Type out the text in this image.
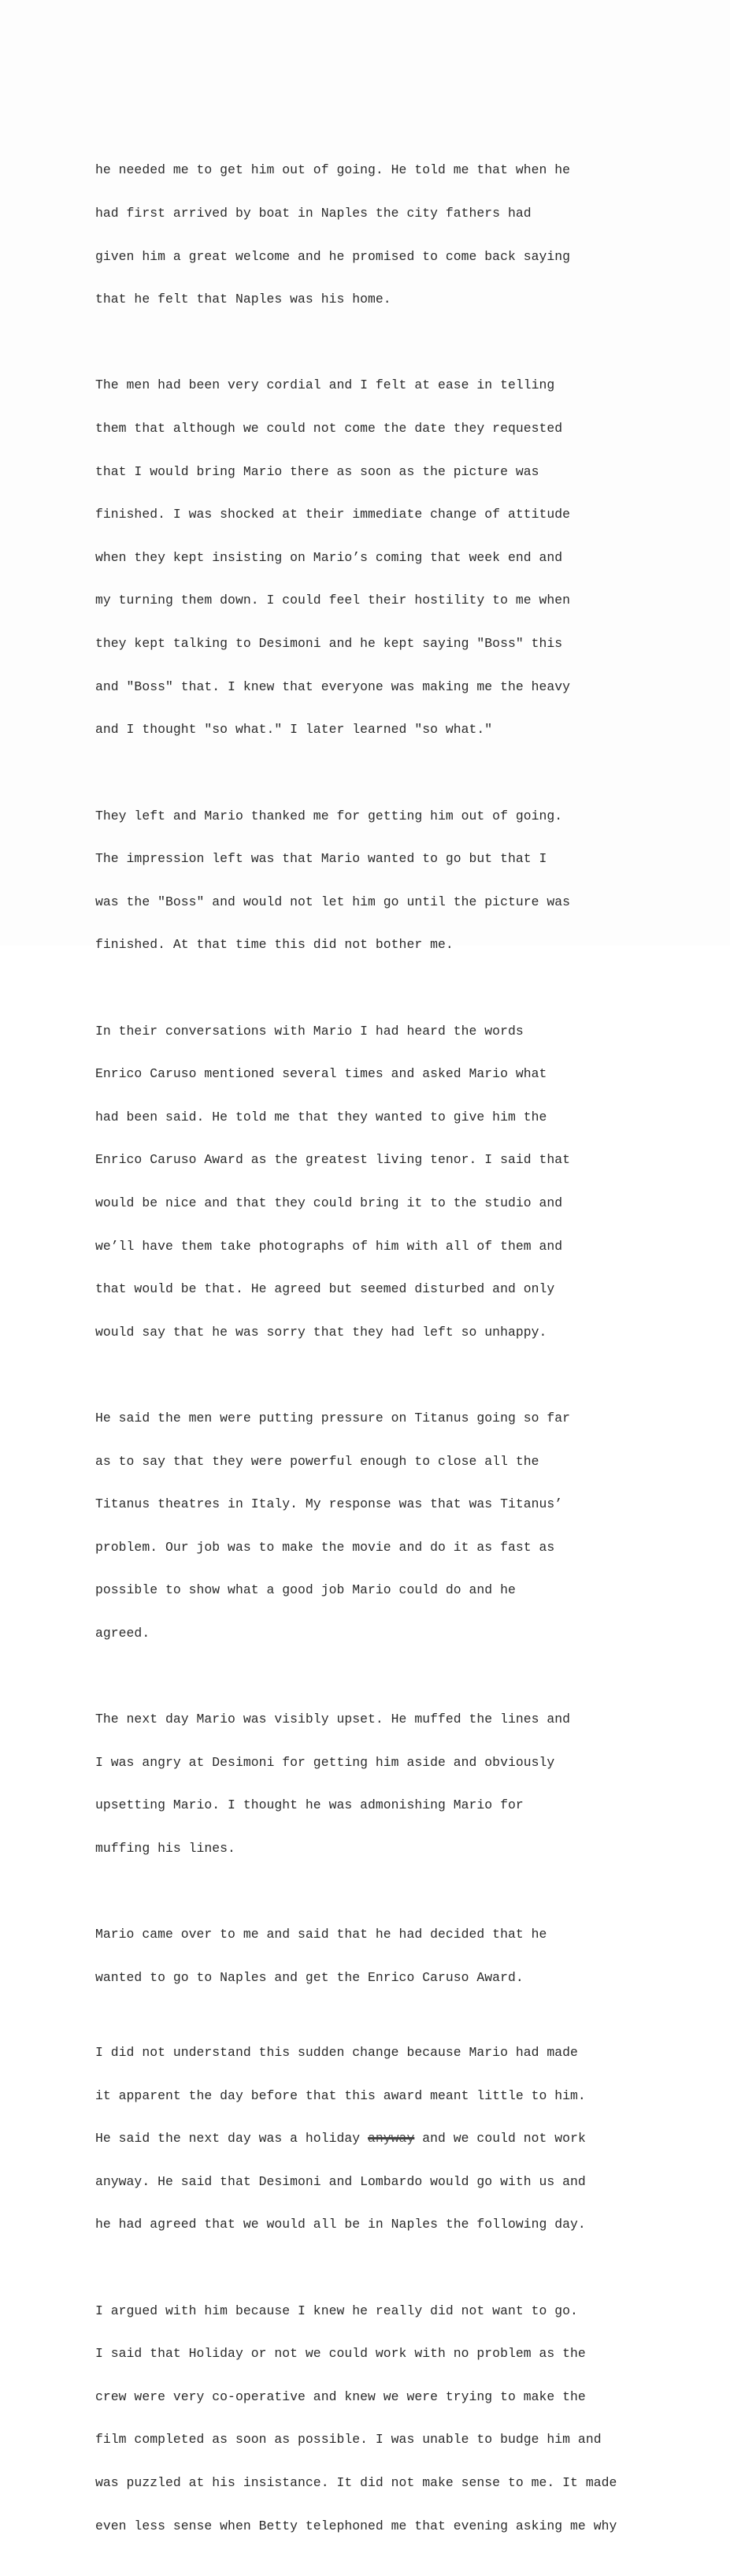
he needed me to get him out of going. He told me that when he

had first arrived by boat in Naples the city fathers had

given him a great welcome and he promised to come back saying

that he felt that Naples was his home.

The men had been very cordial and I felt at ease in telling

them that although we could not come the date they requested

that I would bring Mario there as soon as the picture was

finished. I was shocked at their immediate change of attitude

when they kept insisting on Mario’s coming that week end and

my turning them down. I could feel their hostility to me when

they kept talking to Desimoni and he kept saying "Boss" this

and "Boss" that. I knew that everyone was making me the heavy

and I thought "so what." I later learned "so what."

They left and Mario thanked me for getting him out of going.

The impression left was that Mario wanted to go but that I

was the "Boss" and would not let him go until the picture was

finished. At that time this did not bother me.

In their conversations with Mario I had heard the words

Enrico Caruso mentioned several times and asked Mario what

had been said. He told me that they wanted to give him the

Enrico Caruso Award as the greatest living tenor. I said that

would be nice and that they could bring it to the studio and

we’ll have them take photographs of him with all of them and

that would be that. He agreed but seemed disturbed and only

would say that he was sorry that they had left so unhappy.

He said the men were putting pressure on Titanus going so far

as to say that they were powerful enough to close all the

Titanus theatres in Italy. My response was that was Titanus’

problem. Our job was to make the movie and do it as fast as

possible to show what a good job Mario could do and he

agreed.

The next day Mario was visibly upset. He muffed the lines and

I was angry at Desimoni for getting him aside and obviously

upsetting Mario. I thought he was admonishing Mario for

muffing his lines.

Mario came over to me and said that he had decided that he

wanted to go to Naples and get the Enrico Caruso Award.

I did not understand this sudden change because Mario had made

it apparent the day before that this award meant little to him.

He said the next day was a holiday anyway and we could not work

anyway. He said that Desimoni and Lombardo would go with us and

he had agreed that we would all be in Naples the following day.

I argued with him because I knew he really did not want to go.

I said that Holiday or not we could work with no problem as the

crew were very co-operative and knew we were trying to make the

film completed as soon as possible. I was unable to budge him and

was puzzled at his insistance. It did not make sense to me. It made

even less sense when Betty telephoned me that evening asking me why
